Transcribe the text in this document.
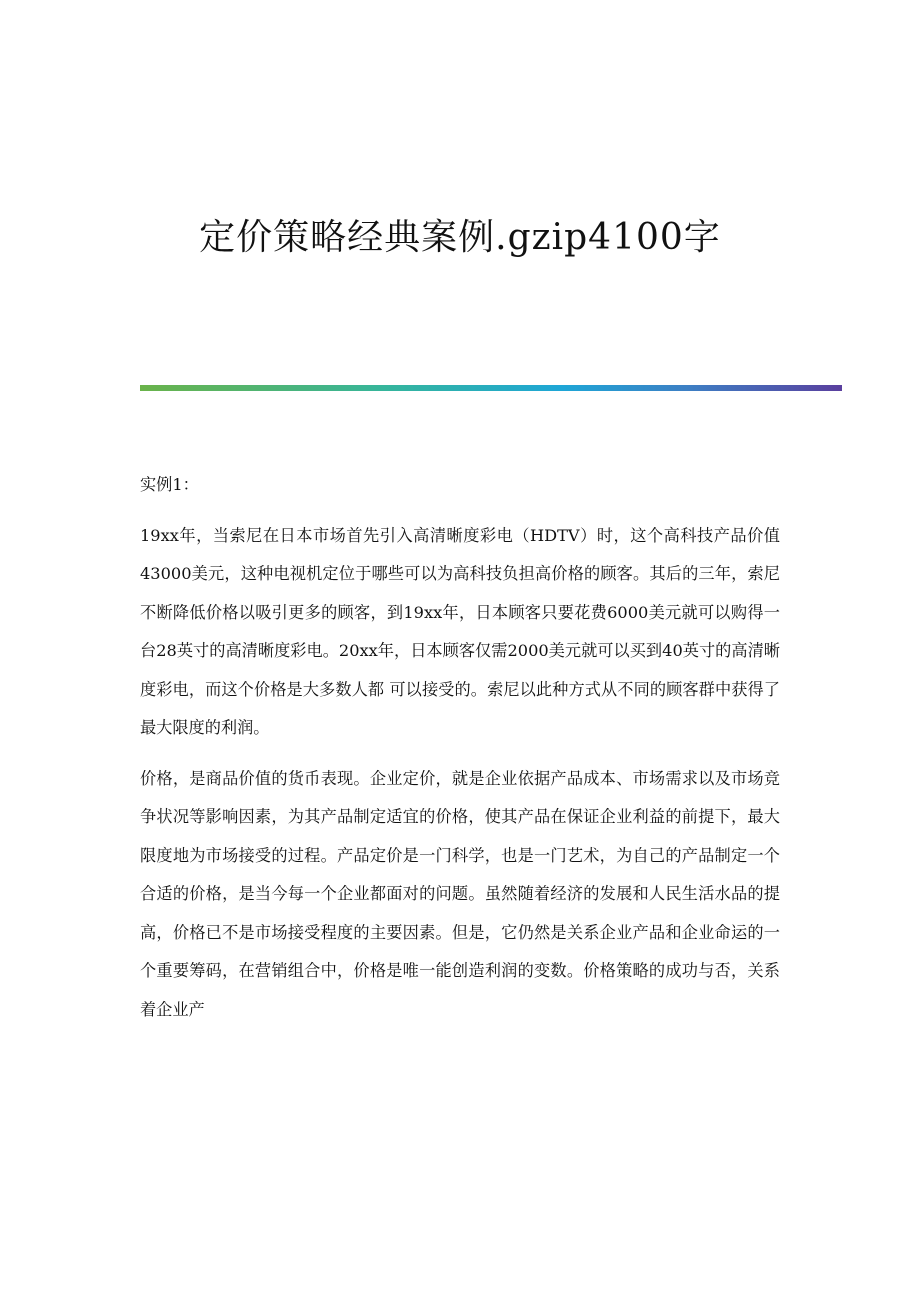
定价策略经典案例.gzip4100字

实例1：

19xx年，当索尼在日本市场首先引入高清晰度彩电（HDTV）时，这个高科技产品价值43000美元，这种电视机定位于哪些可以为高科技负担高价格的顾客。其后的三年，索尼不断降低价格以吸引更多的顾客，到19xx年，日本顾客只要花费6000美元就可以购得一台28英寸的高清晰度彩电。20xx年，日本顾客仅需2000美元就可以买到40英寸的高清晰度彩电，而这个价格是大多数人都 可以接受的。索尼以此种方式从不同的顾客群中获得了最大限度的利润。

价格，是商品价值的货币表现。企业定价，就是企业依据产品成本、市场需求以及市场竞争状况等影响因素，为其产品制定适宜的价格，使其产品在保证企业利益的前提下，最大限度地为市场接受的过程。产品定价是一门科学，也是一门艺术，为自己的产品制定一个合适的价格，是当今每一个企业都面对的问题。虽然随着经济的发展和人民生活水品的提高，价格已不是市场接受程度的主要因素。但是，它仍然是关系企业产品和企业命运的一个重要筹码，在营销组合中，价格是唯一能创造利润的变数。价格策略的成功与否，关系着企业产
